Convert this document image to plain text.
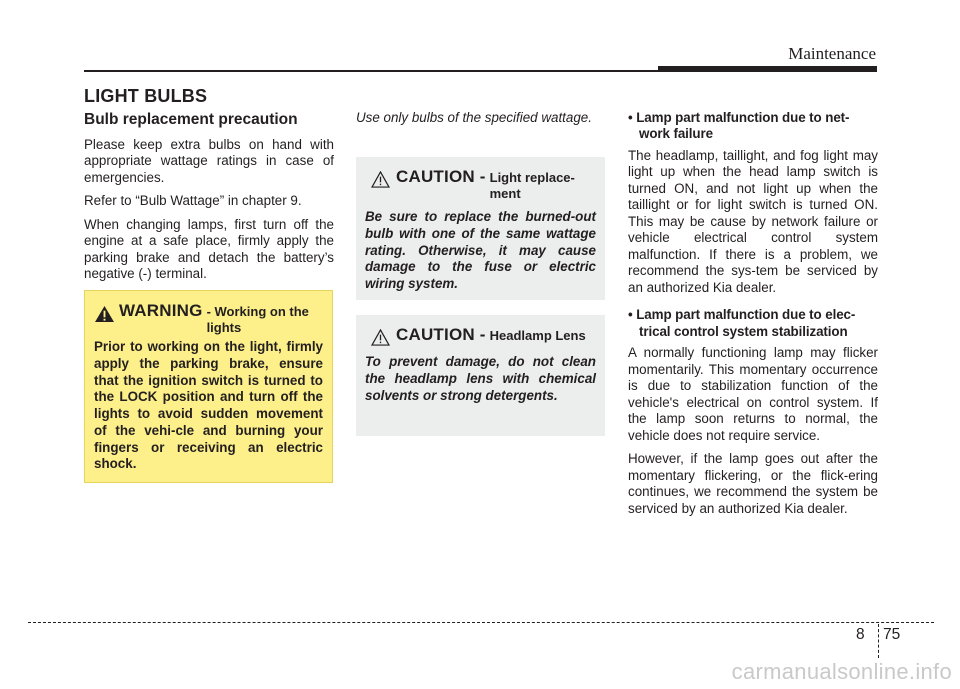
Maintenance
LIGHT BULBS
Bulb replacement precaution

Please keep extra bulbs on hand with appropriate wattage ratings in case of emergencies.

Refer to “Bulb Wattage” in chapter 9.

When changing lamps, first turn off the engine at a safe place, firmly apply the parking brake and detach the battery’s negative (-) terminal.

WARNING - Working on the lights
Prior to working on the light, firmly apply the parking brake, ensure that the ignition switch is turned to the LOCK position and turn off the lights to avoid sudden movement of the vehi-cle and burning your fingers or receiving an electric shock.

Use only bulbs of the specified wattage.

CAUTION - Light replace-ment
Be sure to replace the burned-out bulb with one of the same wattage rating. Otherwise, it may cause damage to the fuse or electric wiring system.
CAUTION - Headlamp Lens
To prevent damage, do not clean the headlamp lens with chemical solvents or strong detergents.
• Lamp part malfunction due to net-work failure

The headlamp, taillight, and fog light may light up when the head lamp switch is turned ON, and not light up when the taillight or for light switch is turned ON. This may be cause by network failure or vehicle electrical control system malfunction. If there is a problem, we recommend the sys-tem be serviced by an authorized Kia dealer.

• Lamp part malfunction due to elec-trical control system stabilization

A normally functioning lamp may flicker momentarily. This momentary occurrence is due to stabilization function of the vehicle's electrical on control system. If the lamp soon returns to normal, the vehicle does not require service.

However, if the lamp goes out after the momentary flickering, or the flick-ering continues, we recommend the system be serviced by an authorized Kia dealer.

8 75
carmanualsonline.info
